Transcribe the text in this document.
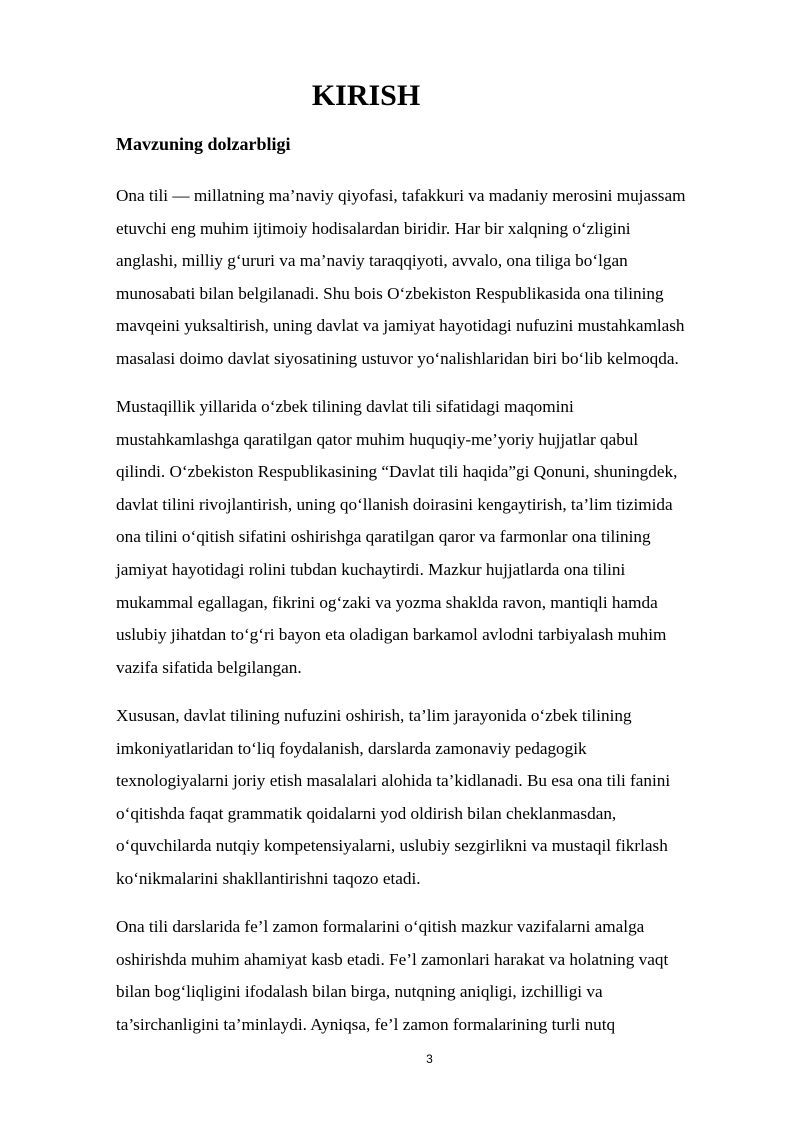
KIRISH
Mavzuning dolzarbligi

Ona tili — millatning ma’naviy qiyofasi, tafakkuri va madaniy merosini mujassam
etuvchi eng muhim ijtimoiy hodisalardan biridir. Har bir xalqning o‘zligini
anglashi, milliy g‘ururi va ma’naviy taraqqiyoti, avvalo, ona tiliga bo‘lgan
munosabati bilan belgilanadi. Shu bois O‘zbekiston Respublikasida ona tilining
mavqeini yuksaltirish, uning davlat va jamiyat hayotidagi nufuzini mustahkamlash
masalasi doimo davlat siyosatining ustuvor yo‘nalishlaridan biri bo‘lib kelmoqda.

Mustaqillik yillarida o‘zbek tilining davlat tili sifatidagi maqomini
mustahkamlashga qaratilgan qator muhim huquqiy-me’yoriy hujjatlar qabul
qilindi. O‘zbekiston Respublikasining “Davlat tili haqida”gi Qonuni, shuningdek,
davlat tilini rivojlantirish, uning qo‘llanish doirasini kengaytirish, ta’lim tizimida
ona tilini o‘qitish sifatini oshirishga qaratilgan qaror va farmonlar ona tilining
jamiyat hayotidagi rolini tubdan kuchaytirdi. Mazkur hujjatlarda ona tilini
mukammal egallagan, fikrini og‘zaki va yozma shaklda ravon, mantiqli hamda
uslubiy jihatdan to‘g‘ri bayon eta oladigan barkamol avlodni tarbiyalash muhim
vazifa sifatida belgilangan.

Xususan, davlat tilining nufuzini oshirish, ta’lim jarayonida o‘zbek tilining
imkoniyatlaridan to‘liq foydalanish, darslarda zamonaviy pedagogik
texnologiyalarni joriy etish masalalari alohida ta’kidlanadi. Bu esa ona tili fanini
o‘qitishda faqat grammatik qoidalarni yod oldirish bilan cheklanmasdan,
o‘quvchilarda nutqiy kompetensiyalarni, uslubiy sezgirlikni va mustaqil fikrlash
ko‘nikmalarini shakllantirishni taqozo etadi.

Ona tili darslarida fe’l zamon formalarini o‘qitish mazkur vazifalarni amalga
oshirishda muhim ahamiyat kasb etadi. Fe’l zamonlari harakat va holatning vaqt
bilan bog‘liqligini ifodalash bilan birga, nutqning aniqligi, izchilligi va
ta’sirchanligini ta’minlaydi. Ayniqsa, fe’l zamon formalarining turli nutq

3
